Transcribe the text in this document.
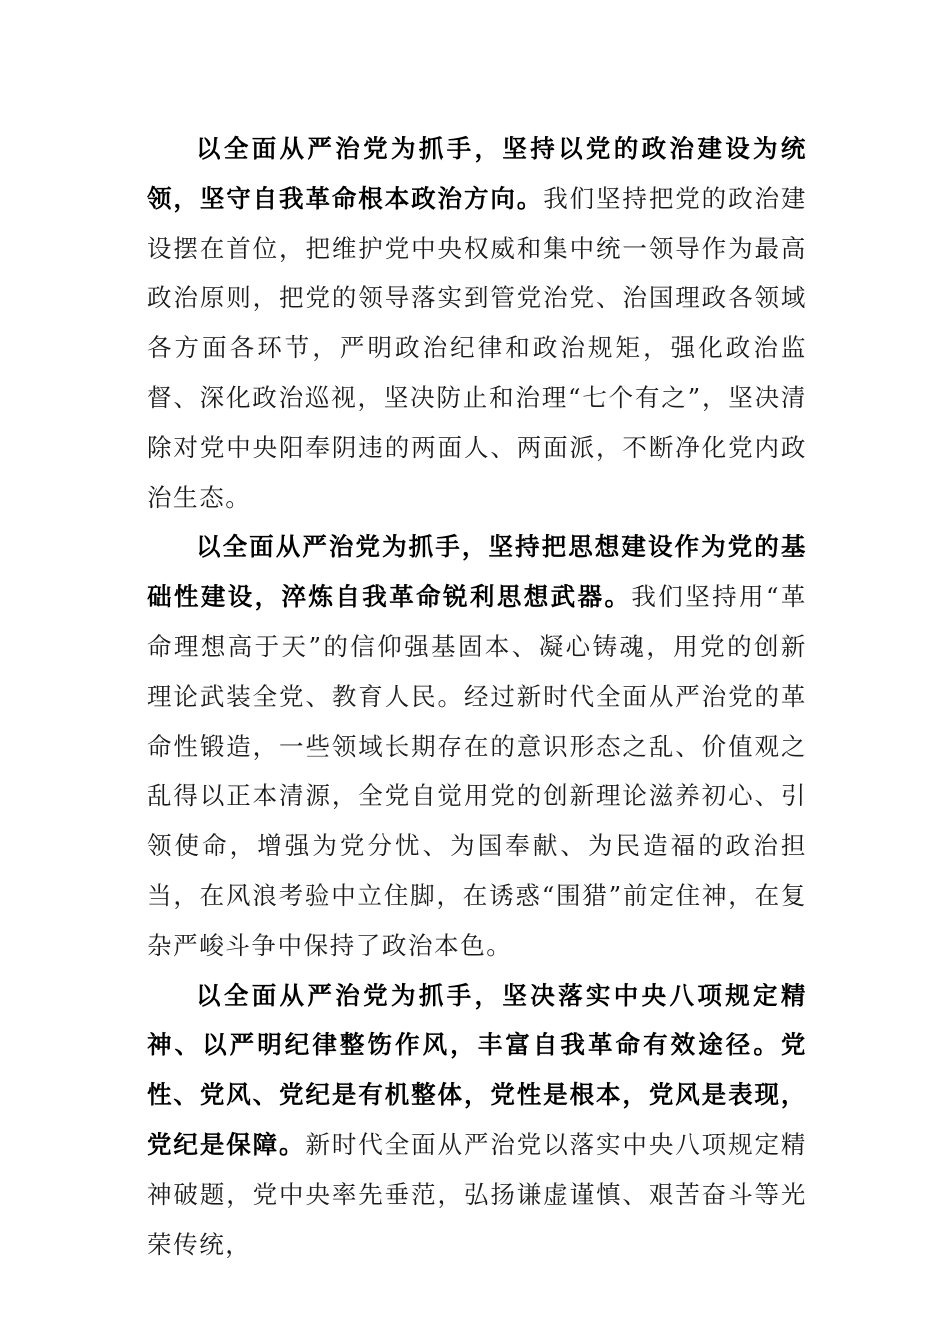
以全面从严治党为抓手，坚持以党的政治建设为统领，坚守自我革命根本政治方向。我们坚持把党的政治建设摆在首位，把维护党中央权威和集中统一领导作为最高政治原则，把党的领导落实到管党治党、治国理政各领域各方面各环节，严明政治纪律和政治规矩，强化政治监督、深化政治巡视，坚决防止和治理“七个有之”，坚决清除对党中央阳奉阴违的两面人、两面派，不断净化党内政治生态。

以全面从严治党为抓手，坚持把思想建设作为党的基础性建设，淬炼自我革命锐利思想武器。我们坚持用“革命理想高于天”的信仰强基固本、凝心铸魂，用党的创新理论武装全党、教育人民。经过新时代全面从严治党的革命性锻造，一些领域长期存在的意识形态之乱、价值观之乱得以正本清源，全党自觉用党的创新理论滋养初心、引领使命，增强为党分忧、为国奉献、为民造福的政治担当，在风浪考验中立住脚，在诱惑“围猎”前定住神，在复杂严峻斗争中保持了政治本色。

以全面从严治党为抓手，坚决落实中央八项规定精神、以严明纪律整饬作风，丰富自我革命有效途径。党性、党风、党纪是有机整体，党性是根本，党风是表现，党纪是保障。新时代全面从严治党以落实中央八项规定精神破题，党中央率先垂范，弘扬谦虚谨慎、艰苦奋斗等光荣传统，
